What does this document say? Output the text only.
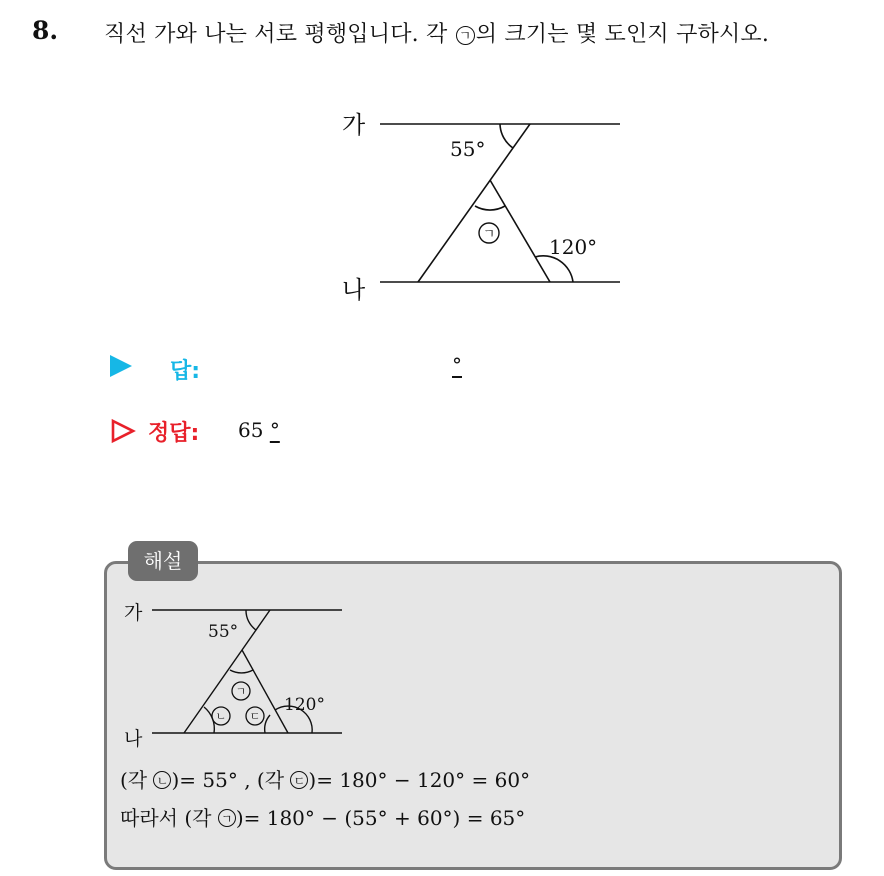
8. 직선 가와 나는 서로 평행입니다. 각 ㄱ 의 크기는 몇 도인지 구하시오.
가
나
55°
ㄱ
120°
답:	°
정답: 65 °
해설
가
나
55°
ㄱ
ㄴ ㄷ
120°
(각 ㄴ )= 55° , (각 ㄷ )= 180° − 120° = 60°
따라서 (각 ㄱ )= 180° − (55° + 60°) = 65°
